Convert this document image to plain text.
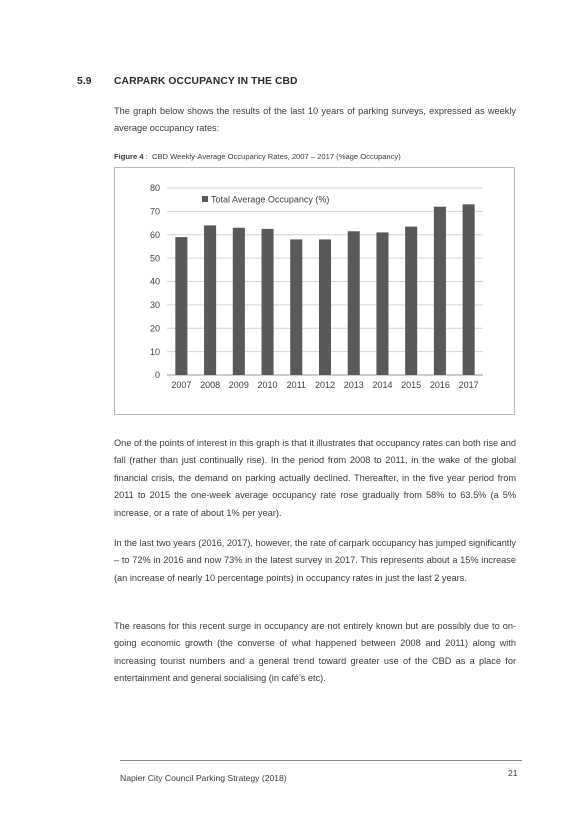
5.9 CARPARK OCCUPANCY IN THE CBD

The graph below shows the results of the last 10 years of parking surveys, expressed as weekly average occupancy rates:

Figure 4 :  CBD Weekly-Average Occupancy Rates, 2007 – 2017 (%age Occupancy)
0
10
20
30
40
50
60
70
80
2007 2008 2009 2010 2011 2012 2013 2014 2015 2016 2017
Total Average Occupancy (%)

One of the points of interest in this graph is that it illustrates that occupancy rates can both rise and fall (rather than just continually rise). In the period from 2008 to 2011, in the wake of the global financial crisis, the demand on parking actually declined. Thereafter, in the five year period from 2011 to 2015 the one-week average occupancy rate rose gradually from 58% to 63.5% (a 5% increase, or a rate of about 1% per year).

In the last two years (2016, 2017), however, the rate of carpark occupancy has jumped significantly – to 72% in 2016 and now 73% in the latest survey in 2017. This represents about a 15% increase (an increase of nearly 10 percentage points) in occupancy rates in just the last 2 years.

The reasons for this recent surge in occupancy are not entirely known but are possibly due to on-going economic growth (the converse of what happened between 2008 and 2011) along with increasing tourist numbers and a general trend toward greater use of the CBD as a place for entertainment and general socialising (in café’s etc).

Napier City Council Parking Strategy (2018)	21
